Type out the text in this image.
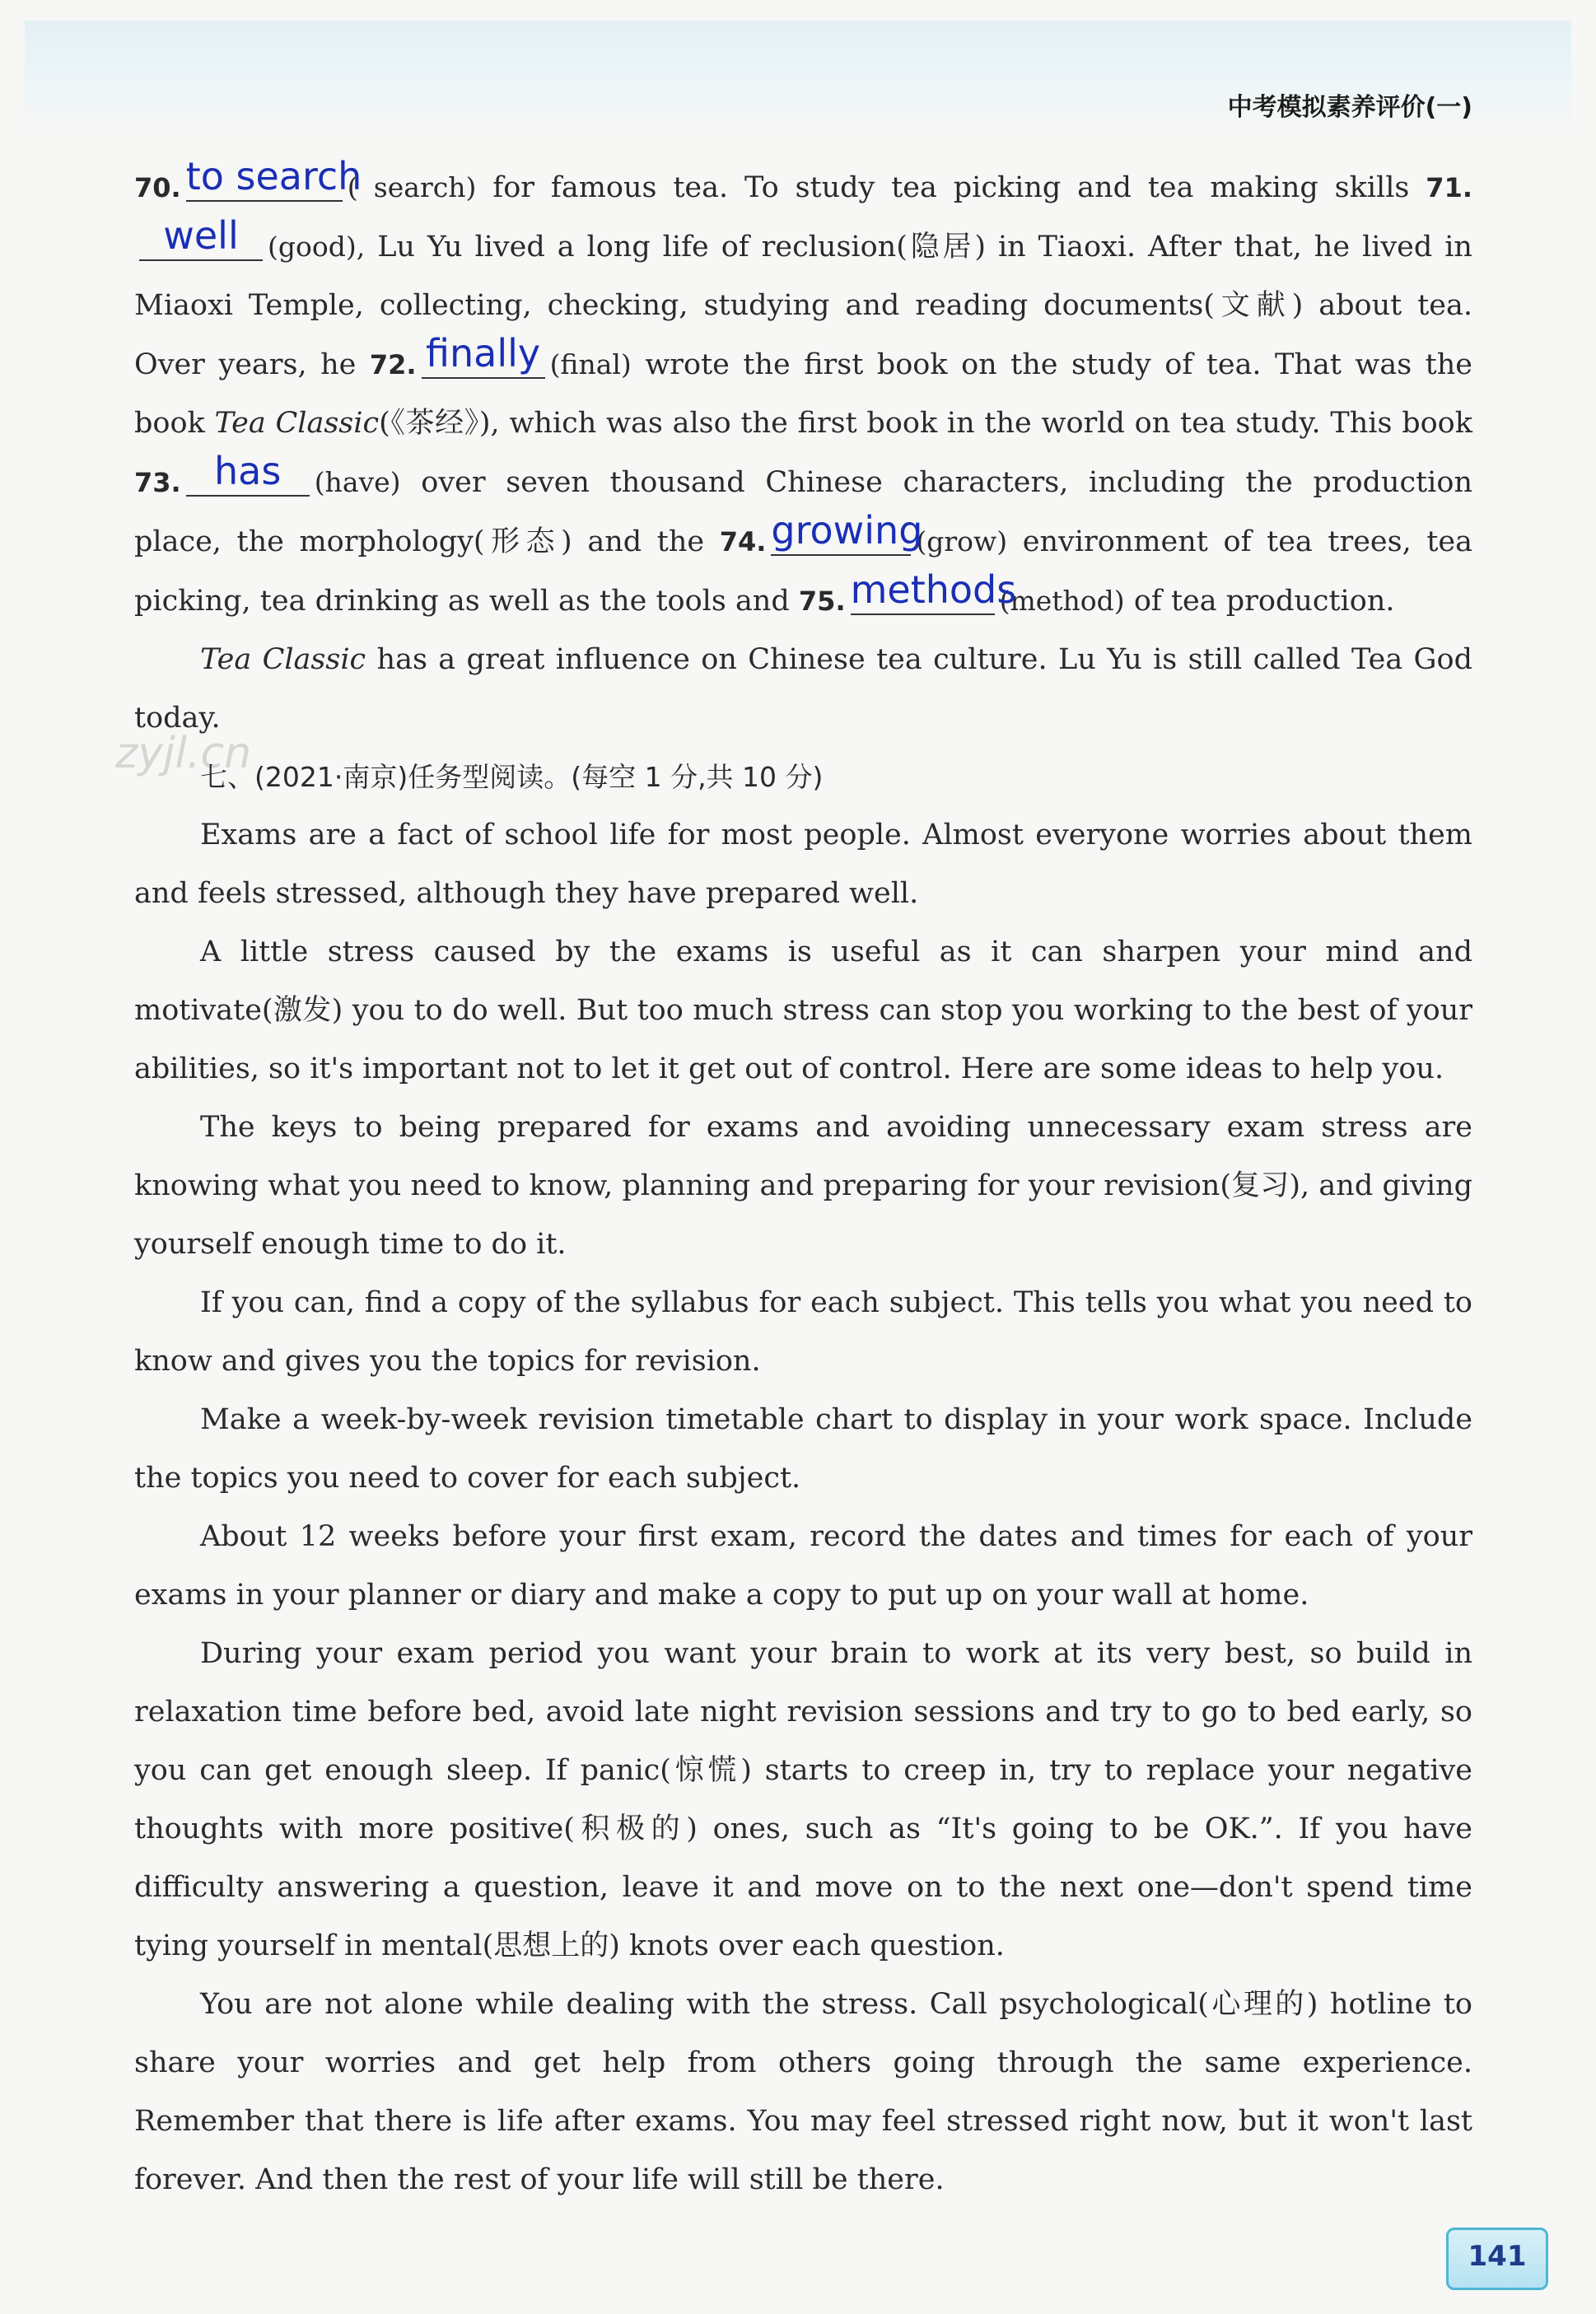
中考模拟素养评价(一)
zyjl.cn

70. to search
( search) for famous tea. To study tea picking and tea making skills 71.
well	(good), Lu Yu lived a long life of reclusion(隐居) in Tiaoxi. After that, he lived in Miaoxi Temple, collecting, checking, studying and reading documents(文献) about tea. Over years, he 72. finally (final) wrote the first book on the study of tea. That was the book Tea Classic(《茶经》), which was also the first book in the world on tea study. This book 73. has	(have) over seven thousand Chinese characters, including the production place, the morphology(形态) and the 74. growing
(grow) environment of tea trees, tea picking, tea drinking as well as the tools and 75. methods
(method) of tea production.

Tea Classic has a great influence on Chinese tea culture. Lu Yu is still called Tea God today.

七、(2021·南京)任务型阅读。(每空 1 分,共 10 分)

Exams are a fact of school life for most people. Almost everyone worries about them and feels stressed, although they have prepared well.

A little stress caused by the exams is useful as it can sharpen your mind and motivate(激发) you to do well. But too much stress can stop you working to the best of your abilities, so it's important not to let it get out of control. Here are some ideas to help you.

The keys to being prepared for exams and avoiding unnecessary exam stress are knowing what you need to know, planning and preparing for your revision(复习), and giving yourself enough time to do it.

If you can, find a copy of the syllabus for each subject. This tells you what you need to know and gives you the topics for revision.

Make a week-by-week revision timetable chart to display in your work space. Include the topics you need to cover for each subject.

About 12 weeks before your first exam, record the dates and times for each of your exams in your planner or diary and make a copy to put up on your wall at home.

During your exam period you want your brain to work at its very best, so build in relaxation time before bed, avoid late night revision sessions and try to go to bed early, so you can get enough sleep. If panic(惊慌) starts to creep in, try to replace your negative thoughts with more positive(积极的) ones, such as “It's going to be OK.”. If you have difficulty answering a question, leave it and move on to the next one—don't spend time tying yourself in mental(思想上的) knots over each question.

You are not alone while dealing with the stress. Call psychological(心理的) hotline to share your worries and get help from others going through the same experience. Remember that there is life after exams. You may feel stressed right now, but it won't last forever. And then the rest of your life will still be there.

141
